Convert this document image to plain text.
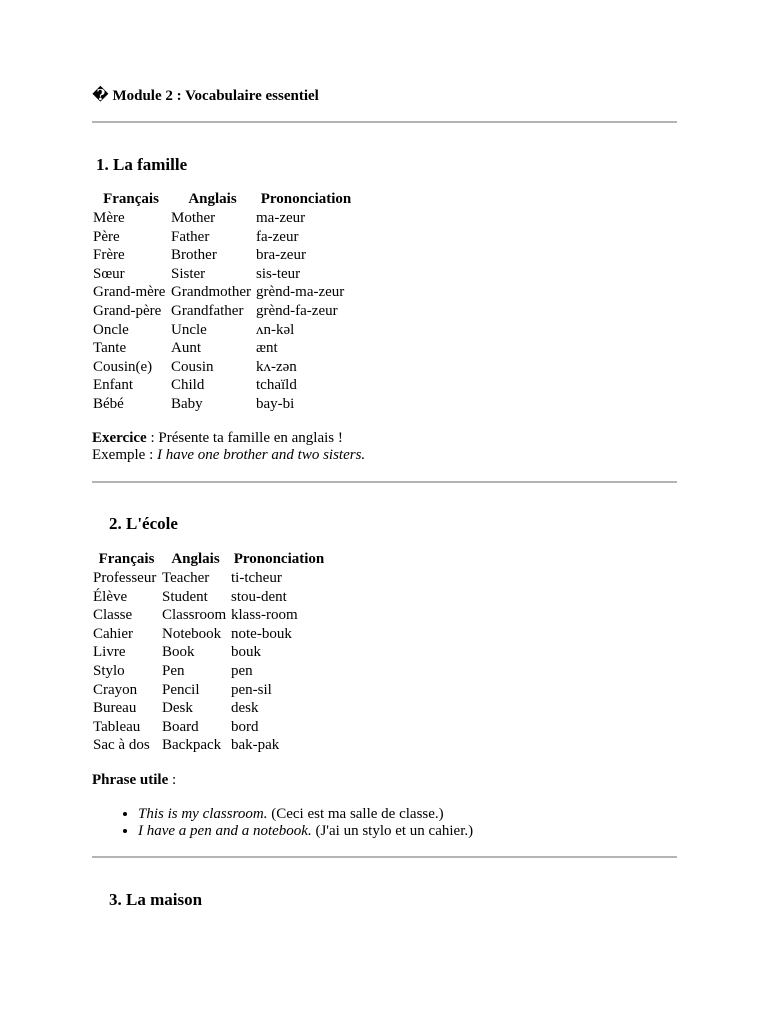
� Module 2 : Vocabulaire essentiel
1. La famille
Français	Anglais	Prononciation
Mère	Mother	ma-zeur
Père	Father	fa-zeur
Frère	Brother	bra-zeur
Sœur	Sister	sis-teur
Grand-mère	Grandmother	grènd-ma-zeur
Grand-père	Grandfather	grènd-fa-zeur
Oncle	Uncle	ʌn-kəl
Tante	Aunt	ænt
Cousin(e)	Cousin	kʌ-zən
Enfant	Child	tchaïld
Bébé	Baby	bay-bi
Exercice : Présente ta famille en anglais !
Exemple : I have one brother and two sisters.
2. L'école
Français	Anglais	Prononciation
Professeur	Teacher	ti-tcheur
Élève	Student	stou-dent
Classe	Classroom	klass-room
Cahier	Notebook	note-bouk
Livre	Book	bouk
Stylo	Pen	pen
Crayon	Pencil	pen-sil
Bureau	Desk	desk
Tableau	Board	bord
Sac à dos	Backpack	bak-pak
Phrase utile :
• This is my classroom. (Ceci est ma salle de classe.)
• I have a pen and a notebook. (J'ai un stylo et un cahier.)
3. La maison
